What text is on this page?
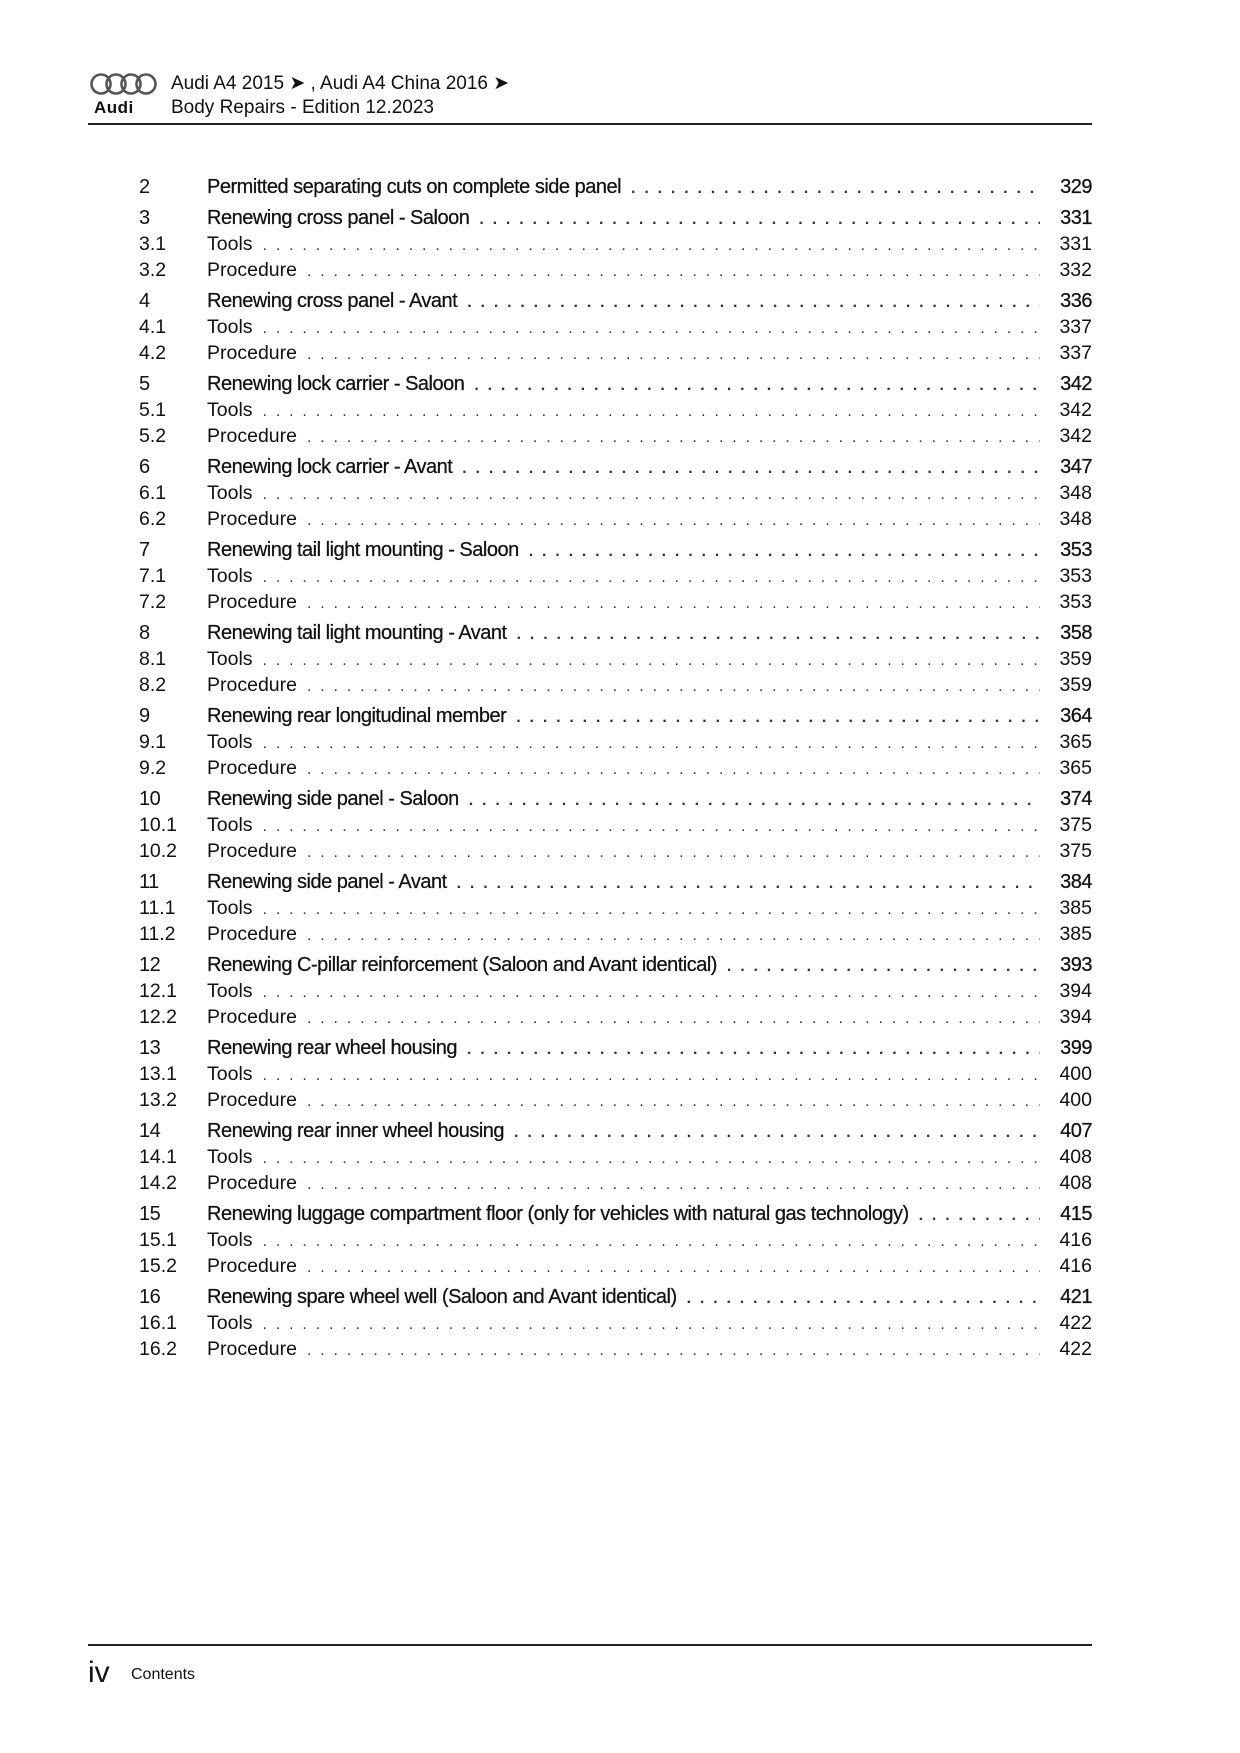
Audi
Audi A4 2015 ➤ , Audi A4 China 2016 ➤
Body Repairs - Edition 12.2023
2	Permitted separating cuts on complete side panel . . .	329
3	Renewing cross panel - Saloon . . .	331
3.1	Tools . . .	331
3.2	Procedure . . .	332
4	Renewing cross panel - Avant . . .	336
4.1	Tools . . .	337
4.2	Procedure . . .	337
5	Renewing lock carrier - Saloon . . .	342
5.1	Tools . . .	342
5.2	Procedure . . .	342
6	Renewing lock carrier - Avant . . .	347
6.1	Tools . . .	348
6.2	Procedure . . .	348
7	Renewing tail light mounting - Saloon . . .	353
7.1	Tools . . .	353
7.2	Procedure . . .	353
8	Renewing tail light mounting - Avant . . .	358
8.1	Tools . . .	359
8.2	Procedure . . .	359
9	Renewing rear longitudinal member . . .	364
9.1	Tools . . .	365
9.2	Procedure . . .	365
10	Renewing side panel - Saloon . . .	374
10.1	Tools . . .	375
10.2	Procedure . . .	375
11	Renewing side panel - Avant . . .	384
11.1	Tools . . .	385
11.2	Procedure . . .	385
12	Renewing C-pillar reinforcement (Saloon and Avant identical) . . .	393
12.1	Tools . . .	394
12.2	Procedure . . .	394
13	Renewing rear wheel housing . . .	399
13.1	Tools . . .	400
13.2	Procedure . . .	400
14	Renewing rear inner wheel housing . . .	407
14.1	Tools . . .	408
14.2	Procedure . . .	408
15	Renewing luggage compartment floor (only for vehicles with natural gas technology) . . .	415
15.1	Tools . . .	416
15.2	Procedure . . .	416
16	Renewing spare wheel well (Saloon and Avant identical) . . .	421
16.1	Tools . . .	422
16.2	Procedure . . .	422
iv Contents
